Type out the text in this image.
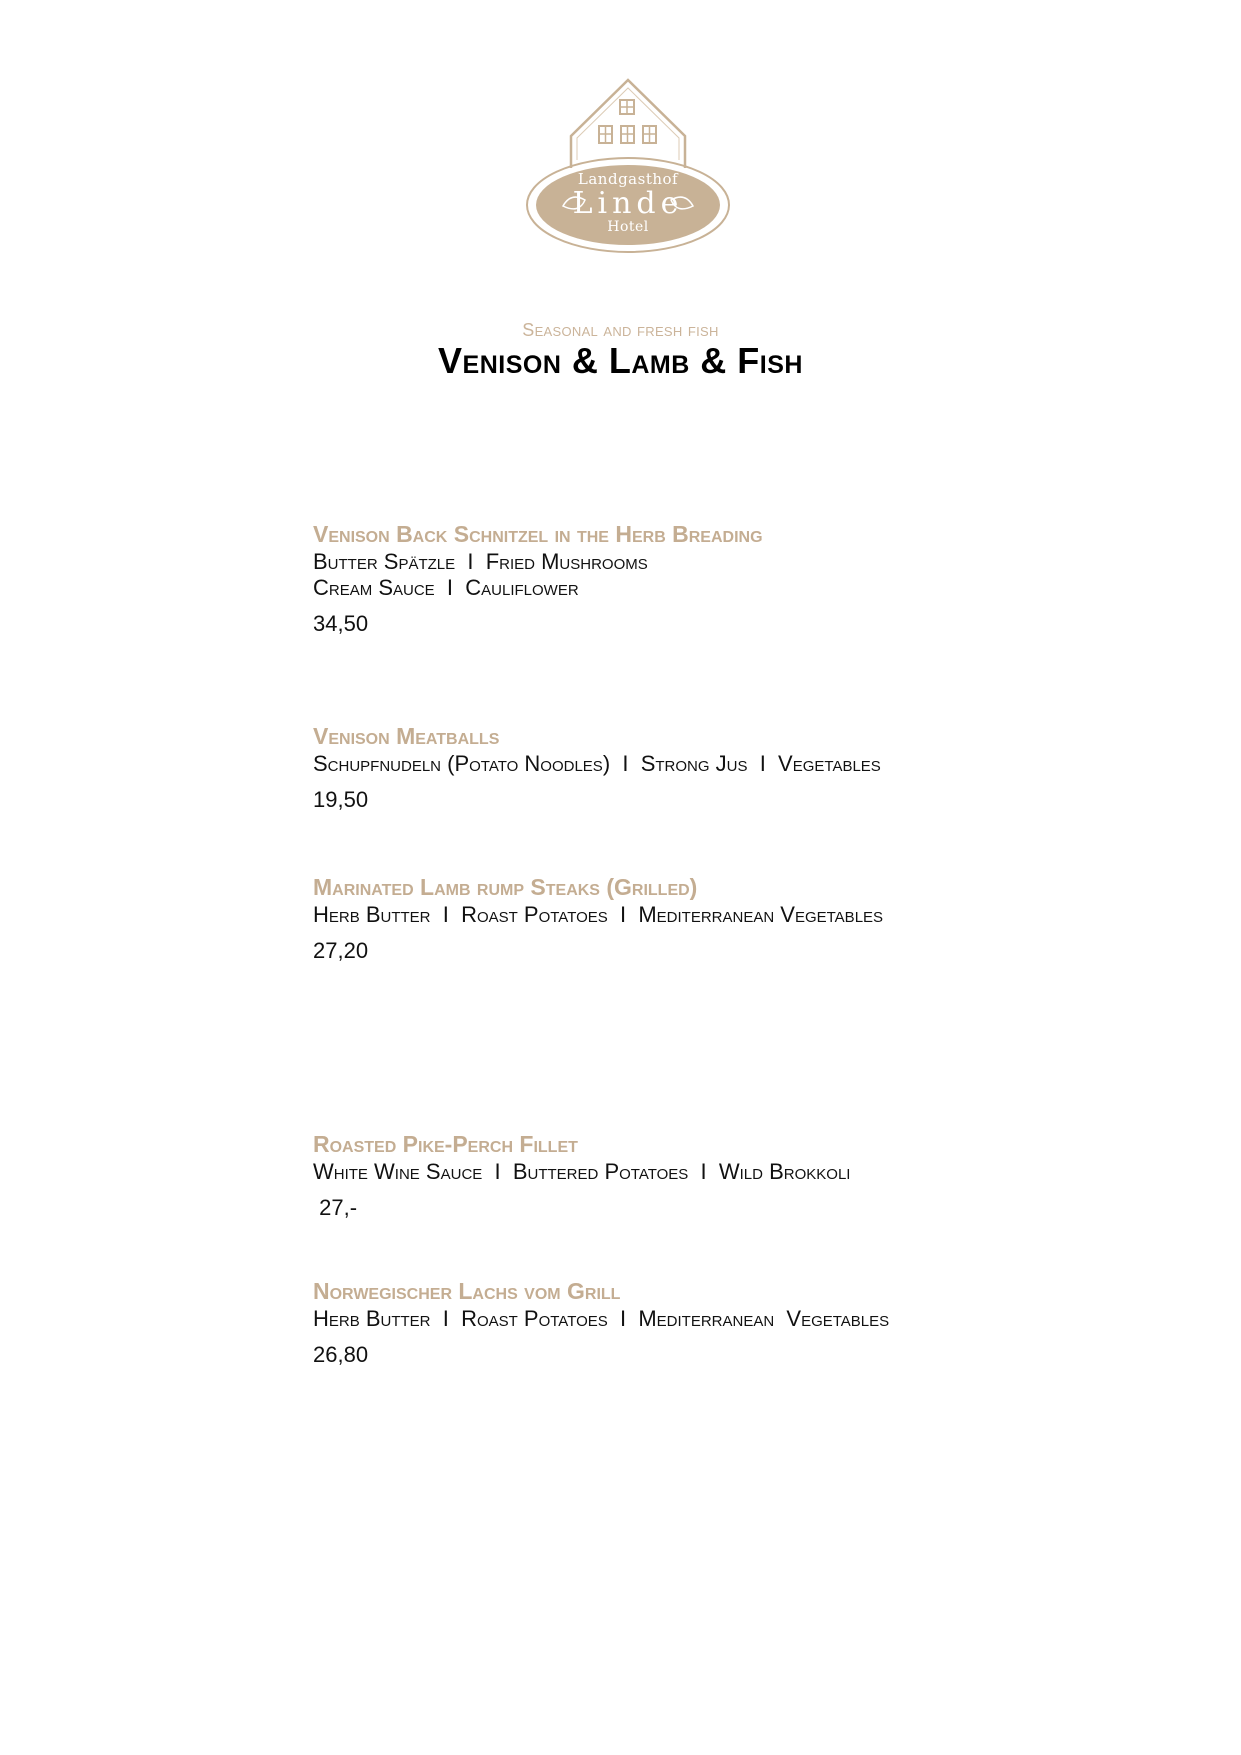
Landgasthof
Linde
Hotel
Seasonal and fresh fish
Venison & Lamb & Fish
Venison Back Schnitzel in the Herb Breading
Butter Spätzle  I  Fried Mushrooms
Cream Sauce  I  Cauliflower
34,50
Venison Meatballs
Schupfnudeln (Potato Noodles)  I  Strong Jus  I  Vegetables
19,50
Marinated Lamb rump Steaks (Grilled)
Herb Butter  I  Roast Potatoes  I  Mediterranean Vegetables
27,20
Roasted Pike-Perch Fillet
White Wine Sauce  I  Buttered Potatoes  I  Wild Brokkoli
27,-
Norwegischer Lachs vom Grill
Herb Butter  I  Roast Potatoes  I  Mediterranean  Vegetables
26,80
